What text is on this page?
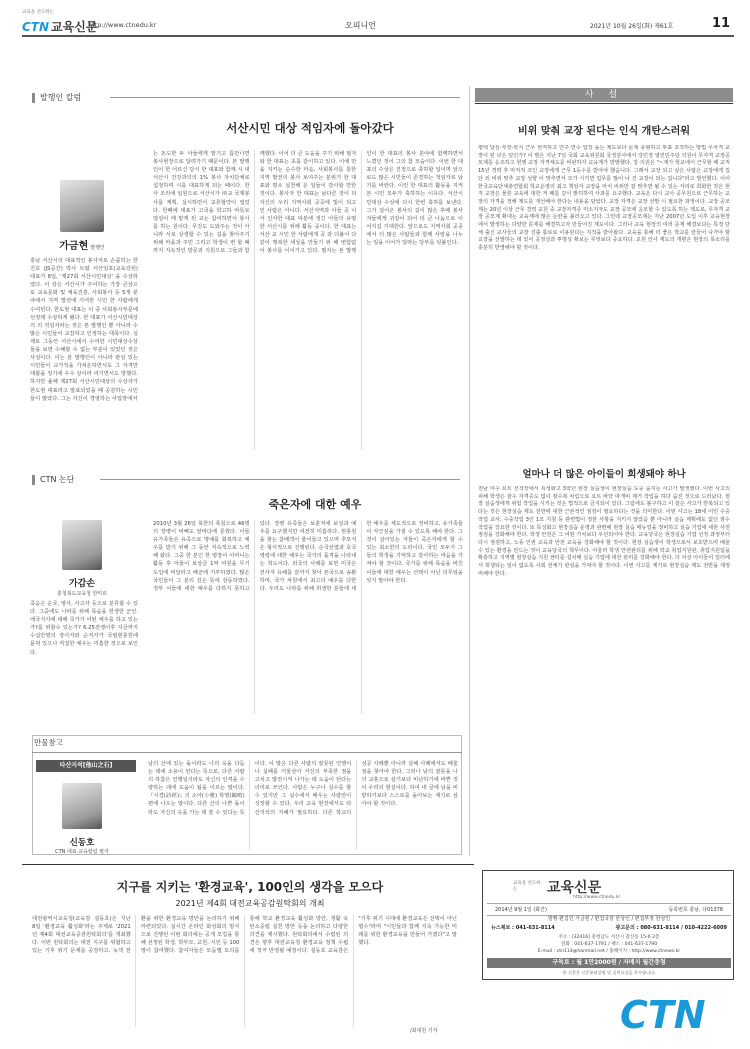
교육을 선도하는
CTN 교육신문
http://www.ctnedu.kr	오피니언	2021년 10월 26일(화) 제61호	11
발행인 칼럼
서산시민 대상 적임자에 돌아갔다
가금현 발행인
충남 서산시의 대표적인 봉사자로 손꼽히는 한진호 (JS공간) 박사 트럼 서산임포(교육강원) 대표가 8일, '제27회 서산시민대상' 을 수상하였다. 이 상은 서산시가 주어하는 가장 큰상으로 교육문화 및 체육진흥, 사회봉사 등 5개 분야에서 지역 발전에 기여한 시민 한 사람에게 수여된다. 한도현 대표는 이 중 사회봉사부문에 선정돼 수상하게 됐다. 한 대표가 서산시민대상의 의 적임자라는 것은 본 발행인 뿐 아니라 수많은 시민들이 교감하고 인정하는 대목이다. 실제로 그동안 서산시에서 수여한 시민대상수상들을 보면 수혜할 수 없는 부분이 있었던 것은 사실이다. 이는 본 발행인이 아니라 관심 있는 시민들이 교가적을 가져온하면서도 그 자격만 대할을 정기에 우수 상이라 여기면서도 방했다. 하지만 올해 제27회 서산시민대상의 수상자가 한도현 대표라고 발표되었을 때 공감하는 시민들이 많았다. 그는 자신이 경영하는 사업장에서
는 돈도한 두 아들에게 맡기고 틈만나면 봉사현장으로 달려가기 때문이다. 본 발행인이 한 어르신 당시 한 대표와 함께 시 내 서산시 건강과의의 1% 봉사 자치단체로 섭정하며 시를 대표하게 되는 때이다. 한사 조리에 일원으로 서산시가 ㈜교 국제봉사를 계획, 실시하면서 교류협약이 열었다. 한때에 대표가 고국을 학고하 따뜻로 열심이 매 맡게 된 교는 참여하면서 봉사를 하는 원이다. 무진도 도와주는 것이 아니라 서로 상생할 수 있는 길을 찾아주기 위해 마을과 주민 그리고 학생이 변 할 때까지 지속적인 방문과 지원으로 그들과 함께했다. 이어 더 큰 도움을 주기 위해 필자와 한 대표는 초를 같이하고 있다. 이에 만을 지키는 순수한 마음, 사회봉사를 통한 지역 발전의 봉사 보여주는 분위기 한 대표와 평소 실천해 온 일들이 감사할 만한 것이다. 봉사자 한 대표는 남다른 것이 더 자신의 우리 지역사회 곳곳에 빛이 되고 민 사람은 아니다. 서산지역과 아들 공 이서 인사한 대표 덕분에 생긴 아들의 유명한 서산시를 위해 활동 중이다. 한 대표는 서산 교 시민 한 사람에게 공 과 더불어 다 같이 행복한 세상을 만들기 위 해 변함없이 봉사를 이어가고 있다. 필자는 본 발행인이 한 대표의 봉사 분야에 함께하면서 느꼈던 것이 그의 참 모습이다. 이번 한 대표의 수상은 진정으로 축하할 일이며 앞으로도 많은 시민들이 존경하는 적임자로 남기를 바란다. 이런 한 대표의 활동을 지켜본 시민 모두가 축하하는 이유다. 서산시민대상 수상에 다시 한번 축하를 보낸다. 그가 걸어온 봉사의 길이 많은 후배 봉사자들에게 귀감이 되어 더 큰 나눔으로 이어지길 기대한다. 앞으로도 지역사회 곳곳에서 더 많은 사람들과 함께 사랑을 나누는 일을 이어가 달라는 당부를 덧붙인다.
CTN 논단
죽은자에 대한 예우
가감손
충청북도교육청 한미르
죽음은 순국, 병사, 사고사 등으로 분류할 수 있다. 그중에도 나라를 위해 목숨을 헌생한 군인· 애국지사에 대해 국가가 어떤 예우를 하고 있는가?를 위할수 있는가? 6.25전쟁이후 지금까지 수십만명의 장사자와 순직자가 국립현충원에 묻혀 있으나 직접한 예우는 미흡한 것으로 보인다.
2010년 3월 26일 북한의 폭침으로 46명의 장병이 바뻐도 앞바다에 문혔다. 이들 유가족들은 유족으로 명예를 회복하고 예우를 받기 위해 그 동안 지속적으로 노력해 왔다. 그중 한 분인 한 병장이 어머니는 활동 후 아들이 보상금 1억 여원을 무기 도입에 써달라고 해군에 기부하였다. 많은 국민들이 그 분의 깊은 뜻에 감동하였다. 정부 이들에 대한 예우를 다하지 못하고 있다. 장병 유족들은 보훈처에 보상과 예우를 요구했지만 여전히 미흡하다. 현충원을 찾는 참배객이 줄어들고 있으며 추모식은 형식적으로 진행된다. 순국선열과 호국영령에 대한 예우는 국가의 품격을 나타내는 척도이다. 외국의 사례를 보면 미국은 전사자 유해를 끝까지 찾아 본국으로 송환하며, 국가 차원에서 최고의 예우를 다한다. 우리도 나라를 위해 희생한 분들에 대한 예우를 제도적으로 정비하고, 유가족들이 자긍심을 가질 수 있도록 해야 한다. 그것이 살아있는 자들이 죽은자에게 할 수 있는 최소한의 도리이다. 국민 모두가 그들의 희생을 기억하고 감사하는 마음을 가져야 할 것이다. 국가를 위해 목숨을 바친 이들에 대한 예우는 선택이 아닌 의무임을 잊지 말아야 한다.
만물참고
타산지석[他山之石]
신동호
CTN 대표·교육칼럼 필자
남의 산에 있는 돌이라도 나의 옥을 다듬는 데에 소용이 된다는 뜻으로, 다른 사람의 하찮은 언행일지라도 자신의 인격을 수양하는 데에 도움이 됨을 이르는 말이다. 『시경(詩經)』의 소아(小雅) 학명(鶴鳴)편에 나오는 말이다. 다른 산의 나쁜 돌이라도 자신의 옥을 가는 데 쓸 수 있다는 뜻이다. 이 말은 다른 사람의 잘못된 언행이나 실패를 거울삼아 자신의 부족한 점을 고치고 발전시켜 나가는 데 도움이 된다는 의미로 쓰인다. 사람은 누구나 실수를 할 수 있지만 그 실수에서 배우는 사람만이 성장할 수 있다. 우리 교육 현장에서도 타산지석의 지혜가 필요하다. 다른 학교의 성공 사례뿐 아니라 실패 사례에서도 배울 점을 찾아야 한다. 그러나 남의 잘못을 나의 교훈으로 삼기보다 비난하기에 바쁜 것이 우리의 현실이다. 하여 내 글에 남을 비방하기보다 스스로를 돌아보는 계기로 삼아야 할 것이다.
사 설
비위 맞춰 교장 된다는 인식 개탄스러워
평택 달심·부장·학지 근무 현직하고 연구·연수 업장 을는 제도보다 문제 유형하고 투표 조작하는 방법 무자격 교장이 된 낫은 일인가? 이 발은 지난 7일 국회 교육위원회 국정감사에서 강민정 열린민주당 의원이 무자격 교장공모제를 응조하고 현행 교장 자격체도를 비판하자 교육계가 반발했다. 강 의원은 "~재가 학교에서 근무할 때 교직 15년 경력 후 마직적 코인 교장에게 근무 1등수를 받아야 했습니다. 그래서 교장 되고 싶은 사람은 교장에게 집단 외 비위 맞추 교장 성향 이 맞추면서 모가 시키면 업무를 많이 나 진 교장이 되는 겁니다"라고 발언했다. 이어 한국교육단체총연합회 학교운영의 최고 책임자 교장을 마치 비위만 잘 맞추면 될 수 있는 자리로 희화한 것은 현직 교장은 물론 교육에 대한 저 폐를 깊이 밝히하여 사과를 요구했다. 교육은 다시 교사 공무원으로 근무하는 교장의 자격을 정해 제도를 개선해야 한다는 내용을 담았다. 교장 자격은 교장 선발 시 필요한 과정이다. 교장 공모제는 20년 이상 근무 경력 교원 중 교장자격증 미소지자도 교장 공모에 응모할 수 있도록 하는 제도로, 무자격 교장 공모제 확대는 교육계에 많은 논란을 불러오고 있다. 그런데 교장공모제는 지난 2007년 도입 이후 교육현장에서 발생하는 다양한 문제를 해결하고자 만들어진 제도이다. 그러나 교육 현장의 여러 문제 해결보다는 특정 단체 출신 교사들의 교장 진출 통로로 이용된다는 지적을 받아왔다. 교육을 통해 더 좋은 학교를 만들어 나가야 할 교장을 선발하는 데 있어 공정성과 투명성 확보는 무엇보다 중요하다. 교원 인사 제도의 개편은 현장의 목소리를 충분히 반영해야 할 것이다.
얼마나 더 많은 아이들이 희생돼야 하나
전남 여수 요트 선착장에서 특성화고 3학년 현장 실습생이 현장실습 도중 숨지는 사고가 발생했다. 이번 사고의 피해 학생은 잠수 자격증도 없이 잠수복 차림으로 요트 바닥 따개비 제거 작업을 하다 숨진 것으로 드러났다. 현장 실습생에게 위험 작업을 시키는 것은 법적으로 금지되어 있다. 그럼에도 불구하고 이 같은 사고가 반복되고 있다는 것은 현장실습 제도 전반에 대한 근본적인 점검이 필요하다는 것을 의미한다. 이번 사고는 18세 어린 수중작업 교사, 수중작업 3인 1조 지침 등 관련법이 정한 사항을 지키지 않았음 뿐 아니라 실습 계획에도 없던 잠수 작업을 강요한 것이다. 또 특성화고 현장실습 운영과 관련해 현장 실습 매뉴얼을 정비하고 실습 기업에 대한 사전 점검을 강화해야 한다. 학생 안전은 그 어떤 가치보다 우선되어야 한다. 교육당국은 현장실습 기업 선정 과정부터 다시 점검하고, 노동 인권 교육과 안전 교육을 강화해야 할 것이다. 현장 실습생이 학생으로서 보호받으며 배울 수 있는 환경을 만드는 것이 교육당국의 책무이다. 아울러 학생 안전관리를 위해 학교 취업지원관, 취업지원팀을 확충하고 지역별 현장실습 지원 센터를 설치해 실습 기업에 대한 관리를 강화해야 한다. 더 이상 아이들이 일터에서 희생되는 일이 없도록 사회 전체가 관심을 가져야 할 것이다. 이번 사고를 계기로 현장실습 제도 전반을 재정비해야 한다.
지구를 지키는 '환경교육', 100인의 생각을 모으다
2021년 제4회 대전교육공감원탁회의 개최
대전광역시교육청(교육감 설동호)은 지난 8일 '환경교육 활성화'라는 주제로 '2021년 제4회 대전교육공감원탁회의'를 개최했다. 이번 원탁회의는 대전 지구를 위협하고 있는 기후 위기 문제를 공감하고, 녹색 전환을 위한 환경교육 방안을 논의하기 위해 마련되었다. 실시간 온라인 화상회의 방식으로 진행된 이번 회의에는 공개 모집을 통해 선정된 학생, 학부모, 교원, 시민 등 100명이 참여했다. 참여자들은 모둠별 토의를 통해 학교 환경교육 활성화 방안, 생활 속 탄소중립 실천 방안 등을 논의하고 다양한 의견을 제시했다. 원탁회의에서 수렴된 의견은 향후 대전교육청 환경교육 정책 수립에 적극 반영될 예정이다. 설동호 교육감은 "기후 위기 시대에 환경교육은 선택이 아닌 필수"라며 "시민들과 함께 지속 가능한 미래를 위한 환경교육을 만들어 가겠다"고 말했다.
/최대원 기자
교육을 선도하는	교육신문
http://www.ctnedu.kr
2014년 9월 1일 (화간)	등록번호 충남, 다01378
발행·편집인 가금현 / 편집국장 한상인 / 편집부장 한상인
뉴스제보 : 041-631-8114	광고문의 : 080-631-8114 / 010-4222-6009
주소 : [32416] 충청남도 서산시 갈산동 15-6 2층
전화 : 041-637-1791 / 팩스 : 041-637-1790
E-mail : ctn114@hanmail.net / 홈페이지 : http://www.ctnews.kr
구독료 : 월 1만2000원 / 자매지 월간충청
본 신문은 신문윤리강령 및 실천요강을 준수합니다.
CTN
